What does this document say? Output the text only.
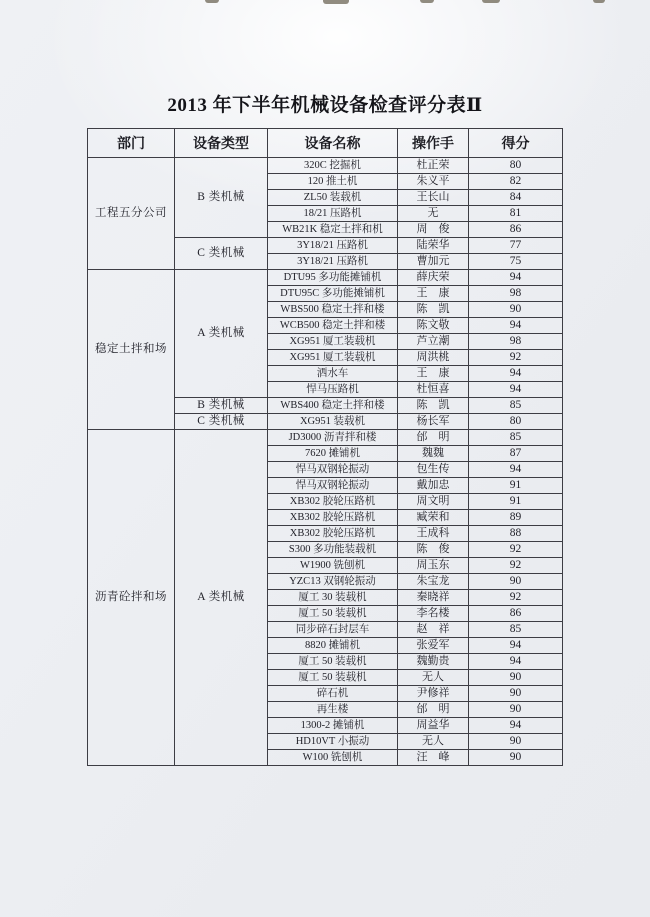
2013 年下半年机械设备检查评分表Ⅱ
部门	设备类型	设备名称	操作手	得分
工程五分公司	B 类机械	320C 挖掘机	杜正荣	80
		120 推土机	朱义平	82
		ZL50 装载机	王长山	84
		18/21 压路机	无	81
		WB21K 稳定土拌和机	周　俊	86
	C 类机械	3Y18/21 压路机	陆荣华	77
		3Y18/21 压路机	曹加元	75
稳定土拌和场	A 类机械	DTU95 多功能摊铺机	薛庆荣	94
		DTU95C 多功能摊铺机	王　康	98
		WBS500 稳定土拌和楼	陈　凯	90
		WCB500 稳定土拌和楼	陈文敬	94
		XG951 厦工装载机	芦立潮	98
		XG951 厦工装载机	周洪桃	92
		洒水车	王　康	94
		悍马压路机	杜恒喜	94
	B 类机械	WBS400 稳定土拌和楼	陈　凯	85
	C 类机械	XG951 装载机	杨长军	80
沥青砼拌和场	A 类机械	JD3000 沥青拌和楼	邰　明	85
		7620 摊铺机	魏魏	87
		悍马双钢轮振动	包生传	94
		悍马双钢轮振动	戴加忠	91
		XB302 胶轮压路机	周文明	91
		XB302 胶轮压路机	臧荣和	89
		XB302 胶轮压路机	王成科	88
		S300 多功能装载机	陈　俊	92
		W1900 铣刨机	周玉东	92
		YZC13 双钢轮振动	朱宝龙	90
		厦工 30 装载机	秦晓祥	92
		厦工 50 装载机	李名楼	86
		同步碎石封层车	赵　祥	85
		8820 摊铺机	张爱军	94
		厦工 50 装载机	魏勤贵	94
		厦工 50 装载机	无人	90
		碎石机	尹修祥	90
		再生楼	邰　明	90
		1300-2 摊铺机	周益华	94
		HD10VT 小振动	无人	90
		W100 铣刨机	汪　峰	90
